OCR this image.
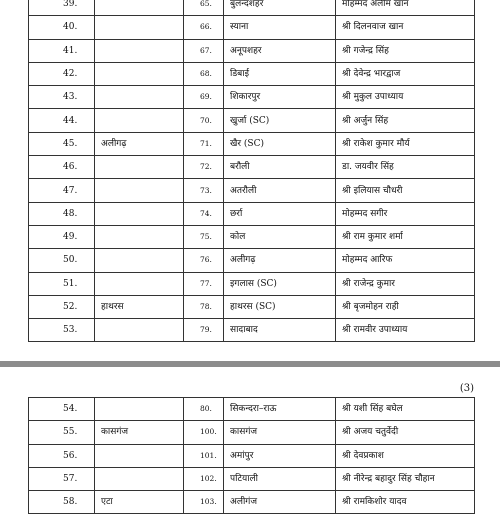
39.		65.	बुलन्दशहर	मोहम्मद अलीम खान
40.		66.	स्याना	श्री दिलनवाज खान
41.		67.	अनूपशहर	श्री गजेन्द्र सिंह
42.		68.	डिबाई	श्री देवेन्द्र भारद्वाज
43.		69.	शिकारपुर	श्री मुकुल उपाध्याय
44.		70.	खुर्जा (SC)	श्री अर्जुन सिंह
45.	अलीगढ़	71.	खैर (SC)	श्री राकेश कुमार मौर्य
46.		72.	बरौली	डा. जयवीर सिंह
47.		73.	अतरौली	श्री इलियास चौधरी
48.		74.	छर्रा	मोहम्मद सगीर
49.		75.	कोल	श्री राम कुमार शर्मा
50.		76.	अलीगढ़	मोहम्मद आरिफ
51.		77.	इगलास (SC)	श्री राजेन्द्र कुमार
52.	हाथरस	78.	हाथरस (SC)	श्री बृजमोहन राही
53.		79.	सादाबाद	श्री रामवीर उपाध्याय
(3)
54.		80.	सिकन्दरा–राऊ	श्री यशी सिंह बघेल
55.	कासगंज	100.	कासगंज	श्री अजय चतुर्वेदी
56.		101.	अमांपुर	श्री देवप्रकाश
57.		102.	पटियाली	श्री नीरेन्द्र बहादुर सिंह चौहान
58.	एटा	103.	अलीगंज	श्री रामकिशोर यादव
